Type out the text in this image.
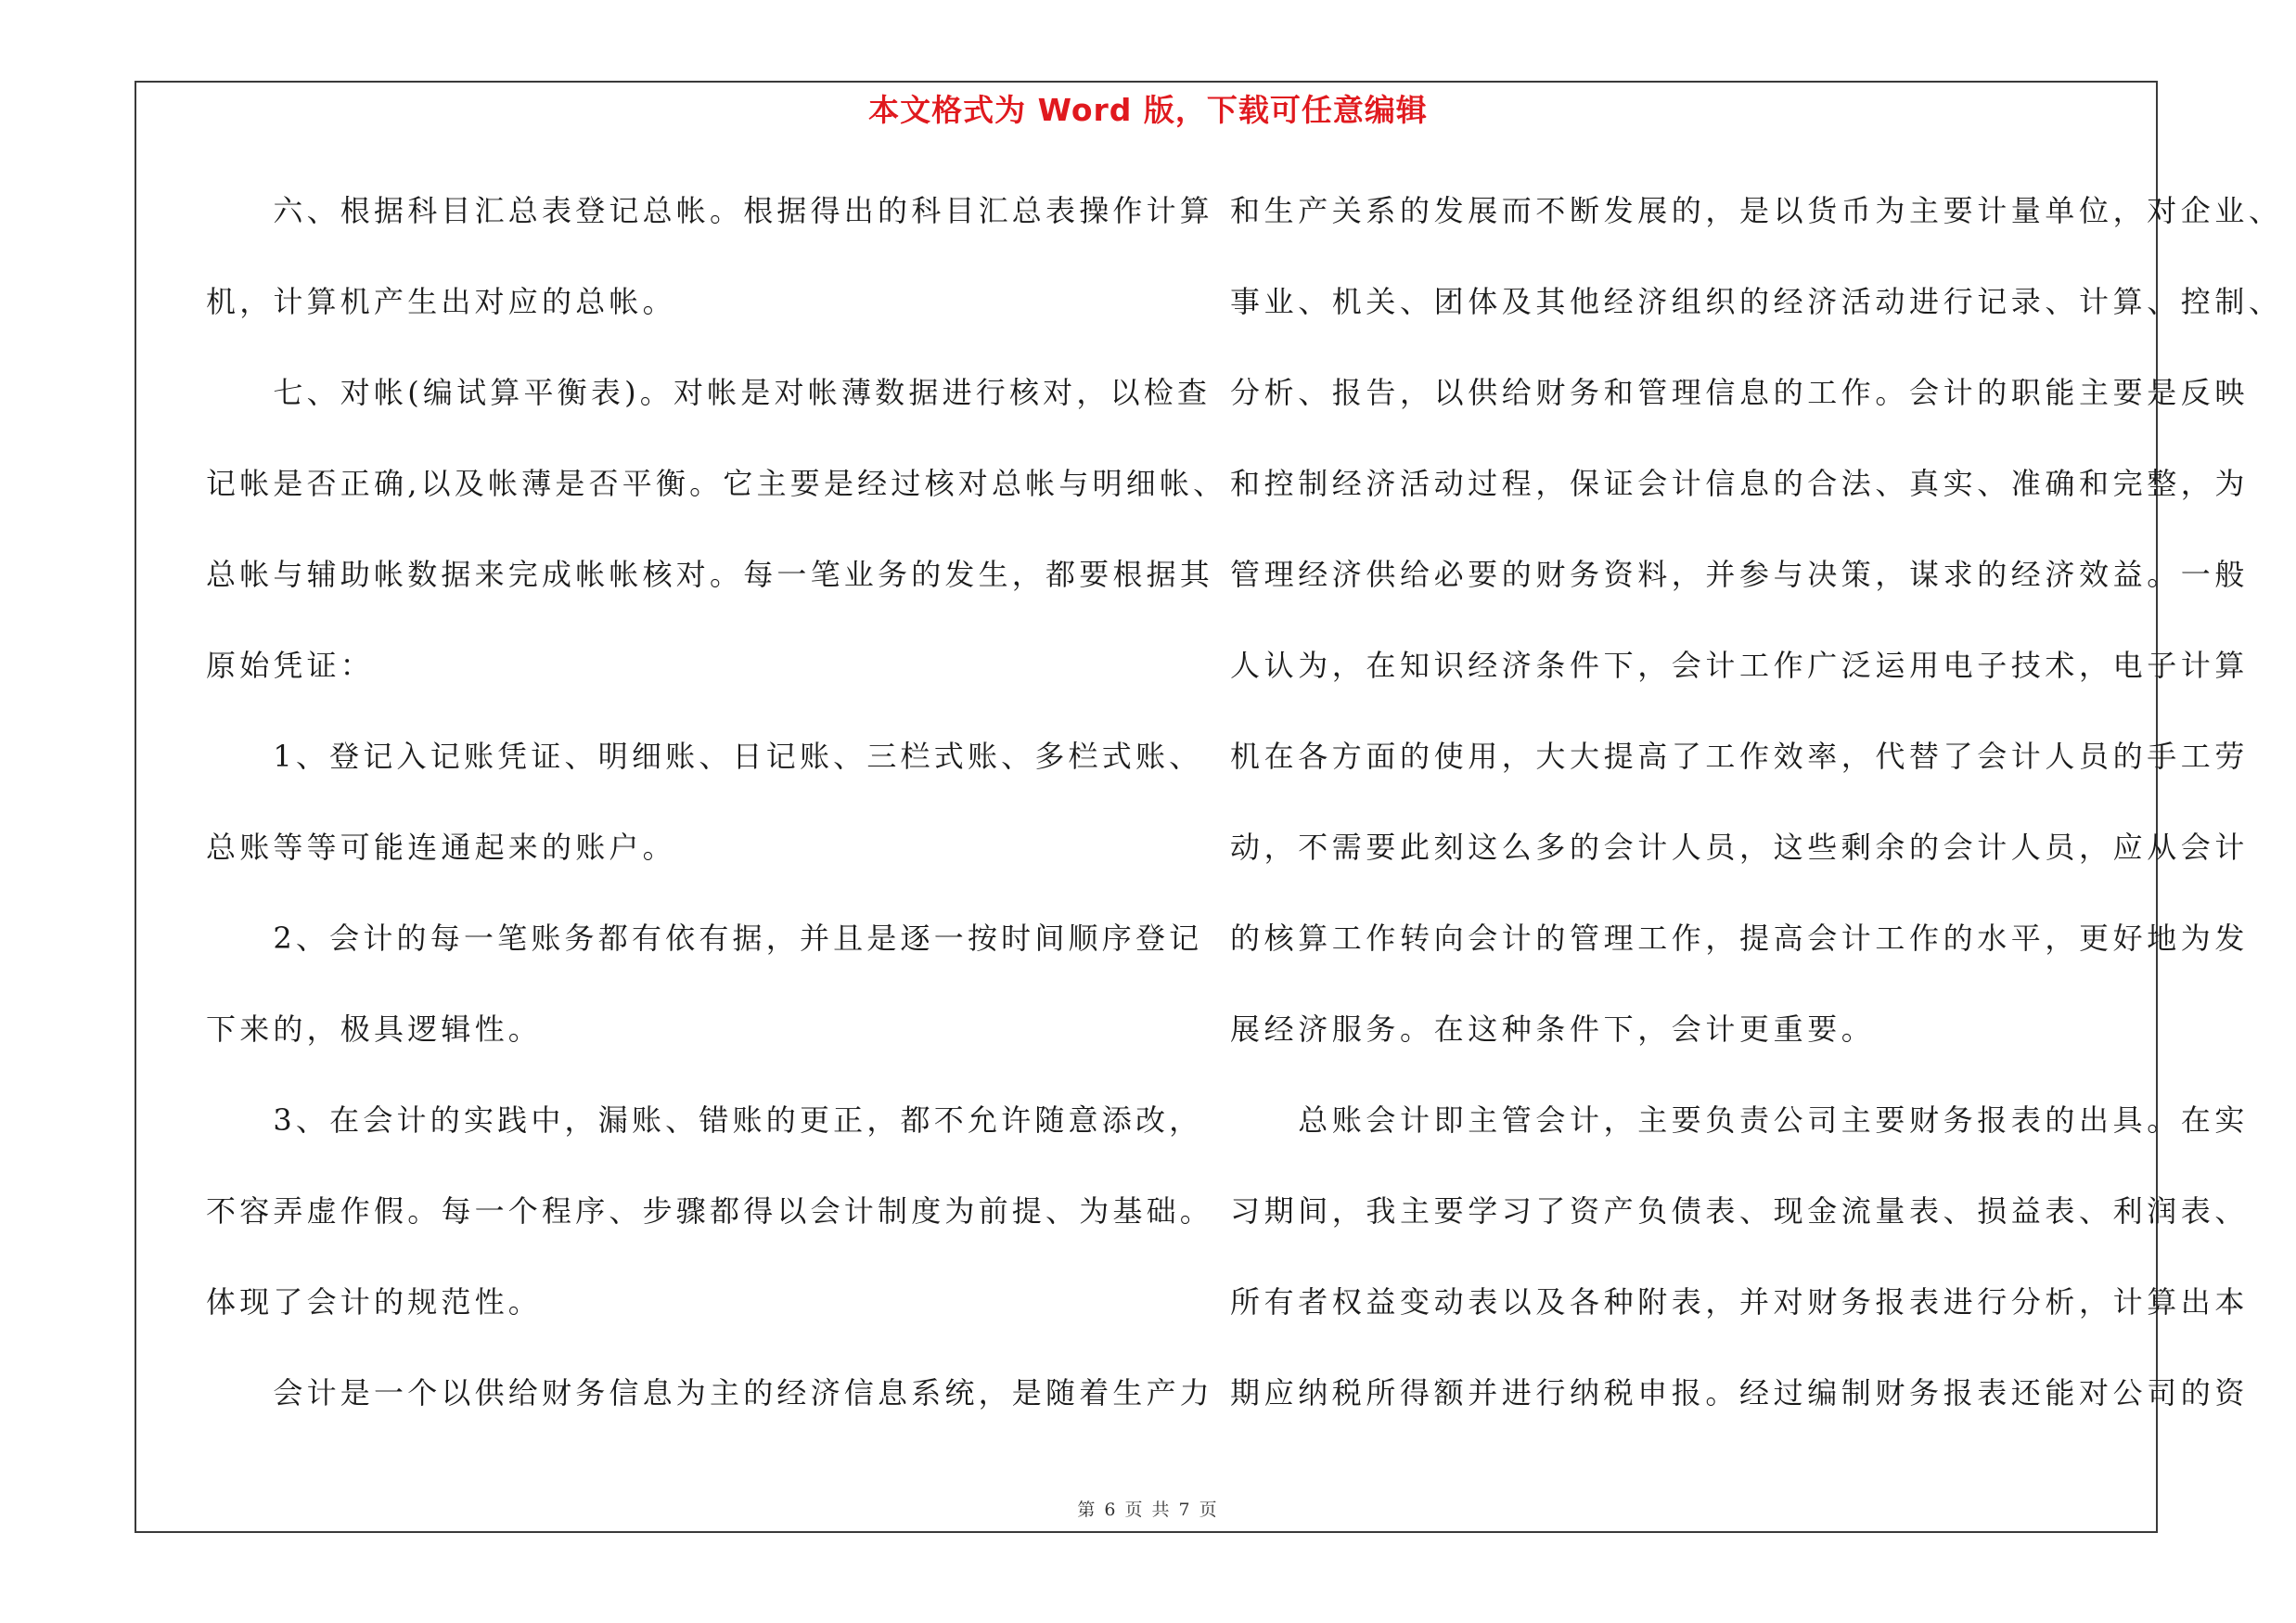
本文格式为 Word 版，下载可任意编辑
　　六、根据科目汇总表登记总帐。根据得出的科目汇总表操作计算
机，计算机产生出对应的总帐。
　　七、对帐(编试算平衡表)。对帐是对帐薄数据进行核对，以检查
记帐是否正确,以及帐薄是否平衡。它主要是经过核对总帐与明细帐、
总帐与辅助帐数据来完成帐帐核对。每一笔业务的发生，都要根据其
原始凭证：
　　1、登记入记账凭证、明细账、日记账、三栏式账、多栏式账、
总账等等可能连通起来的账户。
　　2、会计的每一笔账务都有依有据，并且是逐一按时间顺序登记
下来的，极具逻辑性。
　　3、在会计的实践中，漏账、错账的更正，都不允许随意添改，
不容弄虚作假。每一个程序、步骤都得以会计制度为前提、为基础。
体现了会计的规范性。
　　会计是一个以供给财务信息为主的经济信息系统，是随着生产力
和生产关系的发展而不断发展的，是以货币为主要计量单位，对企业、
事业、机关、团体及其他经济组织的经济活动进行记录、计算、控制、
分析、报告，以供给财务和管理信息的工作。会计的职能主要是反映
和控制经济活动过程，保证会计信息的合法、真实、准确和完整，为
管理经济供给必要的财务资料，并参与决策，谋求的经济效益。一般
人认为，在知识经济条件下，会计工作广泛运用电子技术，电子计算
机在各方面的使用，大大提高了工作效率，代替了会计人员的手工劳
动，不需要此刻这么多的会计人员，这些剩余的会计人员，应从会计
的核算工作转向会计的管理工作，提高会计工作的水平，更好地为发
展经济服务。在这种条件下，会计更重要。
　　总账会计即主管会计，主要负责公司主要财务报表的出具。在实
习期间，我主要学习了资产负债表、现金流量表、损益表、利润表、
所有者权益变动表以及各种附表，并对财务报表进行分析，计算出本
期应纳税所得额并进行纳税申报。经过编制财务报表还能对公司的资
第 6 页 共 7 页
